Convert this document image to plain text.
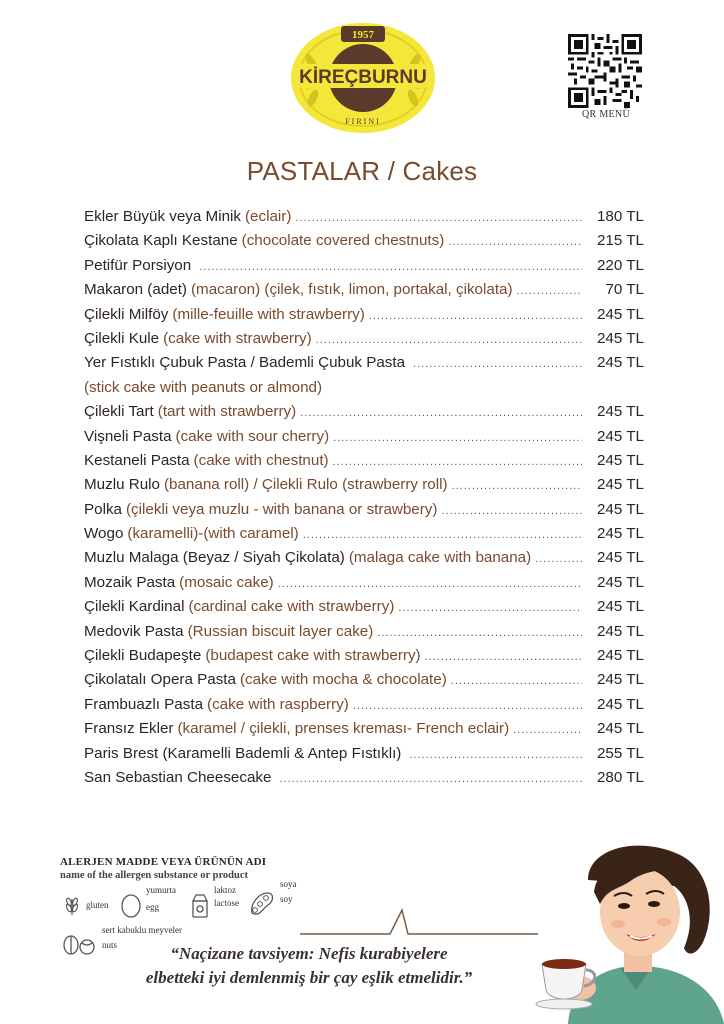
1957
KİREÇBURNU
FIRINI
QR MENÜ
PASTALAR / Cakes
Ekler Büyük veya Minik (eclair) .....	180 TL
Çikolata Kaplı Kestane (chocolate covered chestnuts) .....	215 TL
Petifür Porsiyon .....	220 TL
Makaron (adet) (macaron) (çilek, fıstık, limon, portakal, çikolata) .....	70 TL
Çilekli Milföy (mille-feuille with strawberry) .....	245 TL
Çilekli Kule (cake with strawberry) .....	245 TL
Yer Fıstıklı Çubuk Pasta / Bademli Çubuk Pasta .....	245 TL
(stick cake with peanuts or almond)
Çilekli Tart (tart with strawberry) .....	245 TL
Vişneli Pasta (cake with sour cherry) .....	245 TL
Kestaneli Pasta (cake with chestnut) .....	245 TL
Muzlu Rulo (banana roll) / Çilekli Rulo (strawberry roll) .....	245 TL
Polka (çilekli veya muzlu - with banana or strawbery) .....	245 TL
Wogo (karamelli)-(with caramel) .....	245 TL
Muzlu Malaga (Beyaz / Siyah Çikolata) (malaga cake with banana) .....	245 TL
Mozaik Pasta (mosaic cake) .....	245 TL
Çilekli Kardinal (cardinal cake with strawberry) .....	245 TL
Medovik Pasta (Russian biscuit layer cake) .....	245 TL
Çilekli Budapeşte (budapest cake with strawberry) .....	245 TL
Çikolatalı Opera Pasta (cake with mocha & chocolate) .....	245 TL
Frambuazlı Pasta (cake with raspberry) .....	245 TL
Fransız Ekler (karamel / çilekli, prenses kreması- French eclair) .....	245 TL
Paris Brest (Karamelli Bademli & Antep Fıstıklı) .....	255 TL
San Sebastian Cheesecake .....	280 TL
ALERJEN MADDE VEYA ÜRÜNÜN ADI
name of the allergen substance or product
gluten
yumurta
egg
laktoz
lactose
soya
soy
sert kabuklu meyveler
nuts	“Naçizane tavsiyem: Nefis kurabiyelere
elbetteki iyi demlenmiş bir çay eşlik etmelidir.”
